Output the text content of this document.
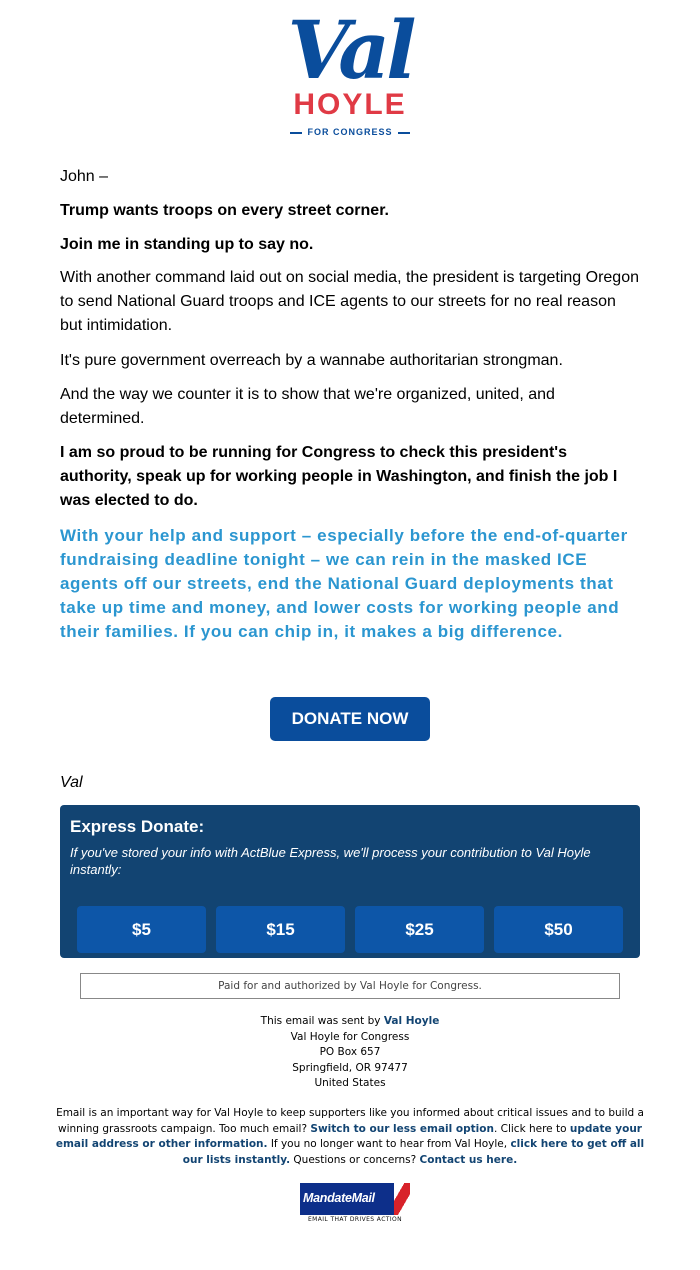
Val
HOYLE
FOR CONGRESS

John –

Trump wants troops on every street corner.

Join me in standing up to say no.

With another command laid out on social media, the president is targeting Oregon to send National Guard troops and ICE agents to our streets for no real reason but intimidation.

It's pure government overreach by a wannabe authoritarian strongman.

And the way we counter it is to show that we're organized, united, and determined.

I am so proud to be running for Congress to check this president's authority, speak up for working people in Washington, and finish the job I was elected to do.

With your help and support – especially before the end-of-quarter fundraising deadline tonight – we can rein in the masked ICE agents off our streets, end the National Guard deployments that take up time and money, and lower costs for working people and their families. If you can chip in, it makes a big difference.

DONATE NOW

Val

Express Donate:
If you've stored your info with ActBlue Express, we'll process your contribution to Val Hoyle instantly:
$5	$15	$25	$50
Paid for and authorized by Val Hoyle for Congress.
This email was sent by Val Hoyle
Val Hoyle for Congress
PO Box 657
Springfield, OR 97477
United States
Email is an important way for Val Hoyle to keep supporters like you informed about critical issues and to build a winning grassroots campaign. Too much email? Switch to our less email option. Click here to update your email address or other information. If you no longer want to hear from Val Hoyle, click here to get off all our lists instantly. Questions or concerns? Contact us here.
MandateMail
EMAIL THAT DRIVES ACTION
